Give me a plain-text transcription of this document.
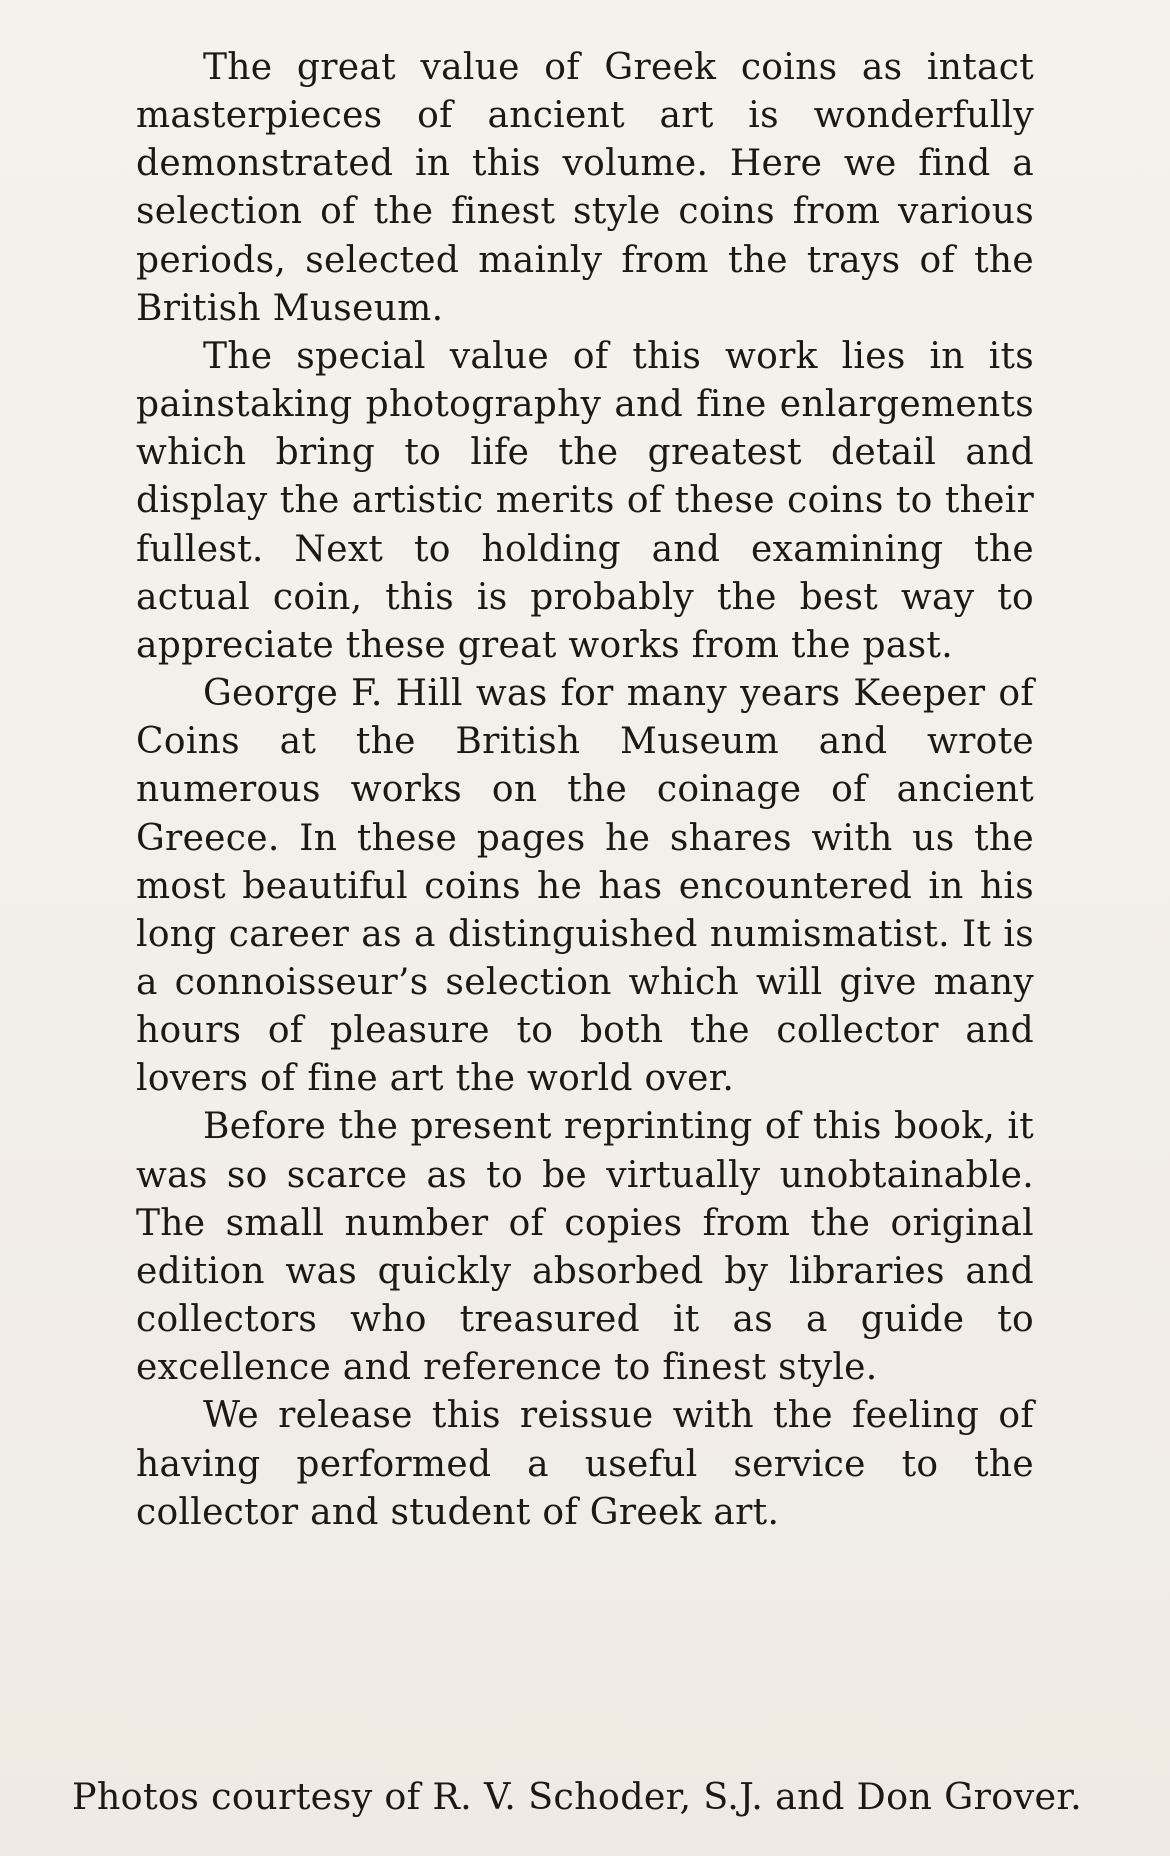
The great value of Greek coins as intact masterpieces of ancient art is wonderfully demonstrated in this volume. Here we find a selection of the finest style coins from various periods, selected mainly from the trays of the British Museum.

The special value of this work lies in its painstaking photography and fine enlargements which bring to life the greatest detail and display the artistic merits of these coins to their fullest. Next to holding and examining the actual coin, this is probably the best way to appreciate these great works from the past.

George F. Hill was for many years Keeper of Coins at the British Museum and wrote numerous works on the coinage of ancient Greece. In these pages he shares with us the most beautiful coins he has encountered in his long career as a distinguished numismatist. It is a connoisseur’s selection which will give many hours of pleasure to both the collector and lovers of fine art the world over.

Before the present reprinting of this book, it was so scarce as to be virtually unobtainable. The small number of copies from the original edition was quickly absorbed by libraries and collectors who treasured it as a guide to excellence and reference to finest style.

We release this reissue with the feeling of having performed a useful service to the collector and student of Greek art.

Photos courtesy of R. V. Schoder, S.J. and Don Grover.
